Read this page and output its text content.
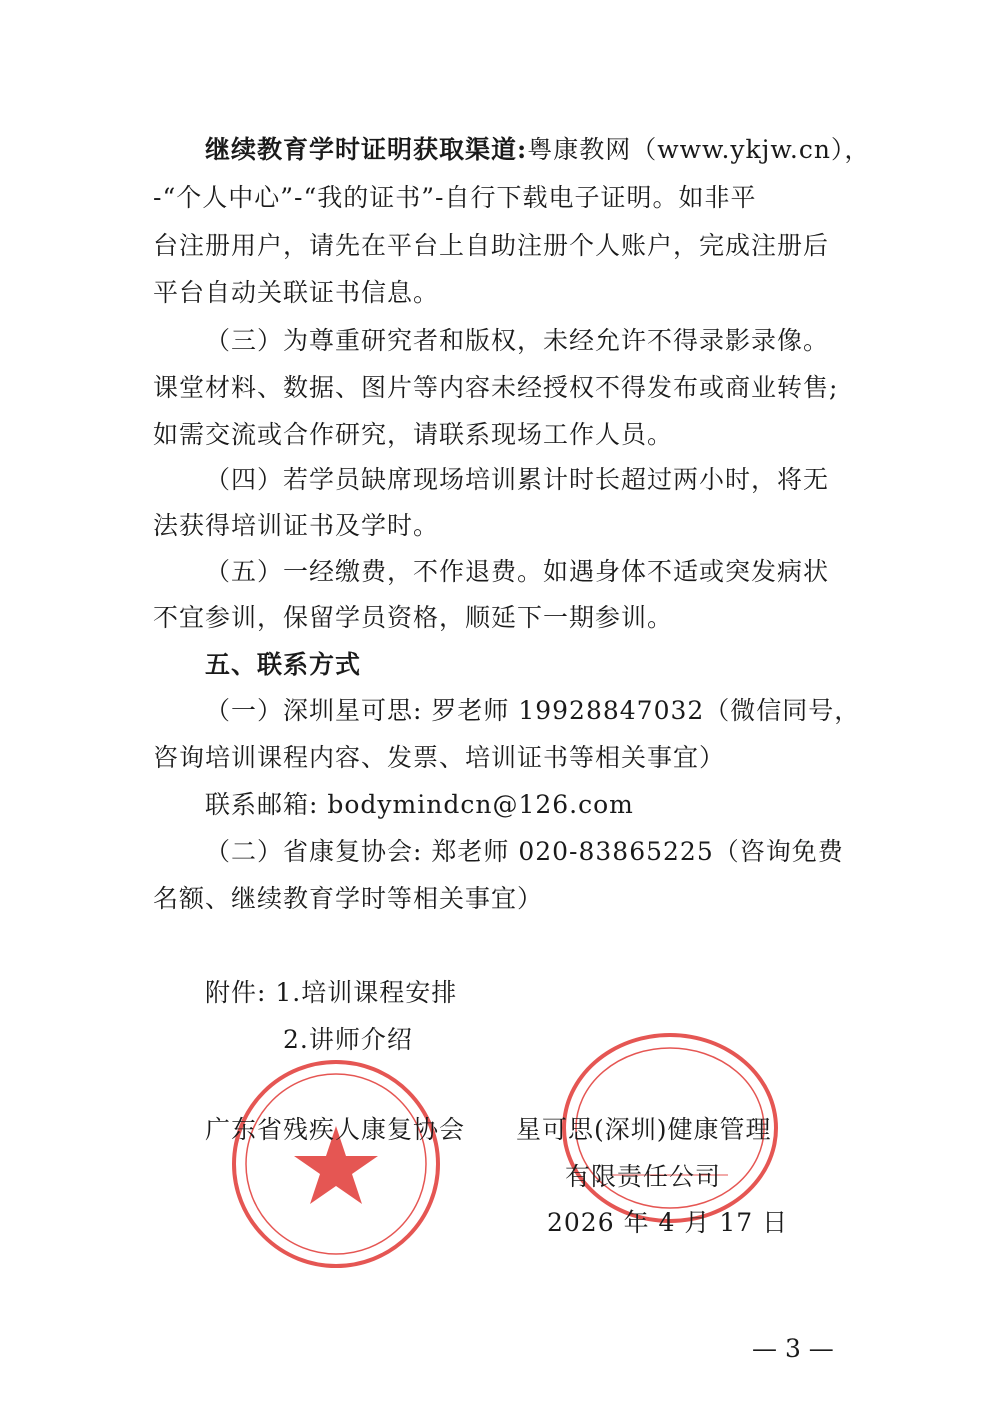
继续教育学时证明获取渠道:粤康教网（www.ykjw.cn），
-“个人中心”-“我的证书”-自行下载电子证明。如非平
台注册用户，请先在平台上自助注册个人账户，完成注册后
平台自动关联证书信息。
（三）为尊重研究者和版权，未经允许不得录影录像。
课堂材料、数据、图片等内容未经授权不得发布或商业转售;
如需交流或合作研究，请联系现场工作人员。
（四）若学员缺席现场培训累计时长超过两小时，将无
法获得培训证书及学时。
（五）一经缴费，不作退费。如遇身体不适或突发病状
不宜参训，保留学员资格，顺延下一期参训。
五、联系方式
（一）深圳星可思: 罗老师 19928847032（微信同号，
咨询培训课程内容、发票、培训证书等相关事宜）
联系邮箱: bodymindcn@126.com
（二）省康复协会: 郑老师 020-83865225（咨询免费
名额、继续教育学时等相关事宜）
附件: 1.培训课程安排
2.讲师介绍
广东省残疾人康复协会 星可思(深圳)健康管理
有限责任公司
2026 年 4 月 17 日
— 3 —
